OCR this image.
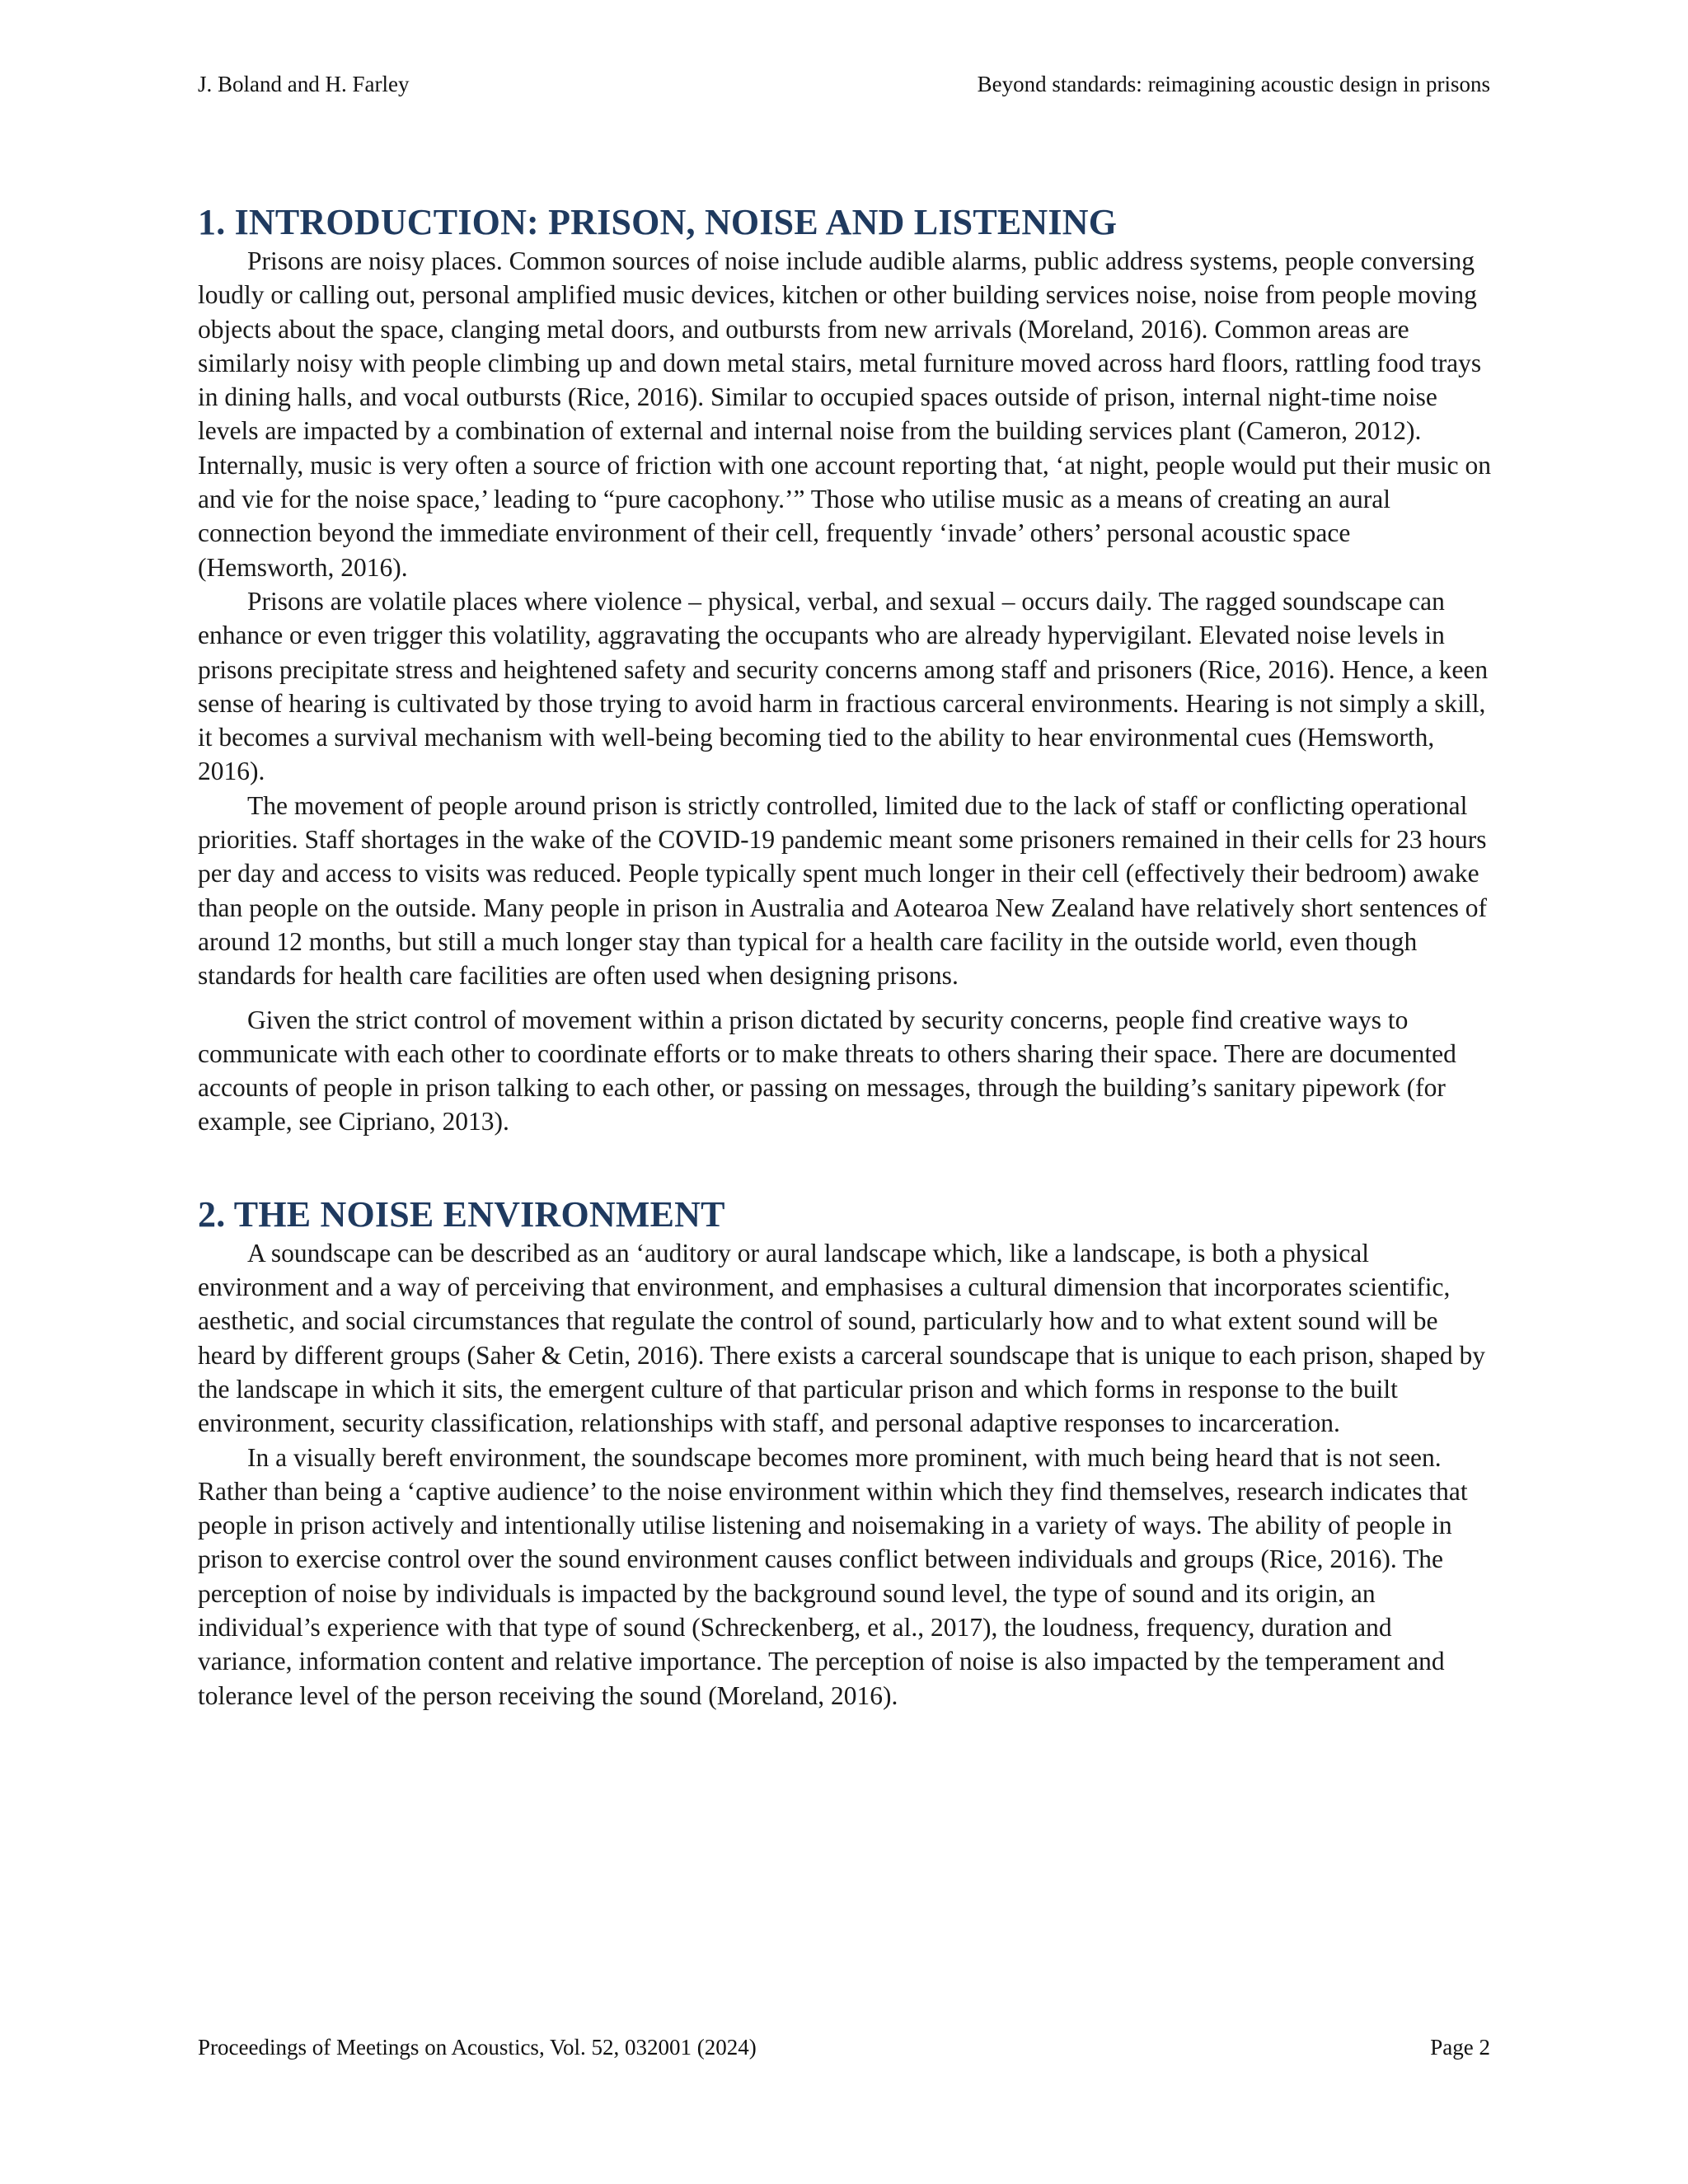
J. Boland and H. Farley	Beyond standards: reimagining acoustic design in prisons
1. INTRODUCTION: PRISON, NOISE AND LISTENING

Prisons are noisy places. Common sources of noise include audible alarms, public address systems, people conversing loudly or calling out, personal amplified music devices, kitchen or other building services noise, noise from people moving objects about the space, clanging metal doors, and outbursts from new arrivals (Moreland, 2016). Common areas are similarly noisy with people climbing up and down metal stairs, metal furniture moved across hard floors, rattling food trays in dining halls, and vocal outbursts (Rice, 2016). Similar to occupied spaces outside of prison, internal night-time noise levels are impacted by a combination of external and internal noise from the building services plant (Cameron, 2012). Internally, music is very often a source of friction with one account reporting that, ‘at night, people would put their music on and vie for the noise space,’ leading to “pure cacophony.’” Those who utilise music as a means of creating an aural connection beyond the immediate environment of their cell, frequently ‘invade’ others’ personal acoustic space (Hemsworth, 2016).

Prisons are volatile places where violence – physical, verbal, and sexual – occurs daily. The ragged soundscape can enhance or even trigger this volatility, aggravating the occupants who are already hypervigilant. Elevated noise levels in prisons precipitate stress and heightened safety and security concerns among staff and prisoners (Rice, 2016). Hence, a keen sense of hearing is cultivated by those trying to avoid harm in fractious carceral environments. Hearing is not simply a skill, it becomes a survival mechanism with well-being becoming tied to the ability to hear environmental cues (Hemsworth, 2016).

The movement of people around prison is strictly controlled, limited due to the lack of staff or conflicting operational priorities. Staff shortages in the wake of the COVID-19 pandemic meant some prisoners remained in their cells for 23 hours per day and access to visits was reduced. People typically spent much longer in their cell (effectively their bedroom) awake than people on the outside. Many people in prison in Australia and Aotearoa New Zealand have relatively short sentences of around 12 months, but still a much longer stay than typical for a health care facility in the outside world, even though standards for health care facilities are often used when designing prisons.

Given the strict control of movement within a prison dictated by security concerns, people find creative ways to communicate with each other to coordinate efforts or to make threats to others sharing their space. There are documented accounts of people in prison talking to each other, or passing on messages, through the building’s sanitary pipework (for example, see Cipriano, 2013).

2. THE NOISE ENVIRONMENT

A soundscape can be described as an ‘auditory or aural landscape which, like a landscape, is both a physical environment and a way of perceiving that environment, and emphasises a cultural dimension that incorporates scientific, aesthetic, and social circumstances that regulate the control of sound, particularly how and to what extent sound will be heard by different groups (Saher & Cetin, 2016). There exists a carceral soundscape that is unique to each prison, shaped by the landscape in which it sits, the emergent culture of that particular prison and which forms in response to the built environment, security classification, relationships with staff, and personal adaptive responses to incarceration.

In a visually bereft environment, the soundscape becomes more prominent, with much being heard that is not seen. Rather than being a ‘captive audience’ to the noise environment within which they find themselves, research indicates that people in prison actively and intentionally utilise listening and noisemaking in a variety of ways. The ability of people in prison to exercise control over the sound environment causes conflict between individuals and groups (Rice, 2016). The perception of noise by individuals is impacted by the background sound level, the type of sound and its origin, an individual’s experience with that type of sound (Schreckenberg, et al., 2017), the loudness, frequency, duration and variance, information content and relative importance. The perception of noise is also impacted by the temperament and tolerance level of the person receiving the sound (Moreland, 2016).

Proceedings of Meetings on Acoustics, Vol. 52, 032001 (2024)	Page 2
